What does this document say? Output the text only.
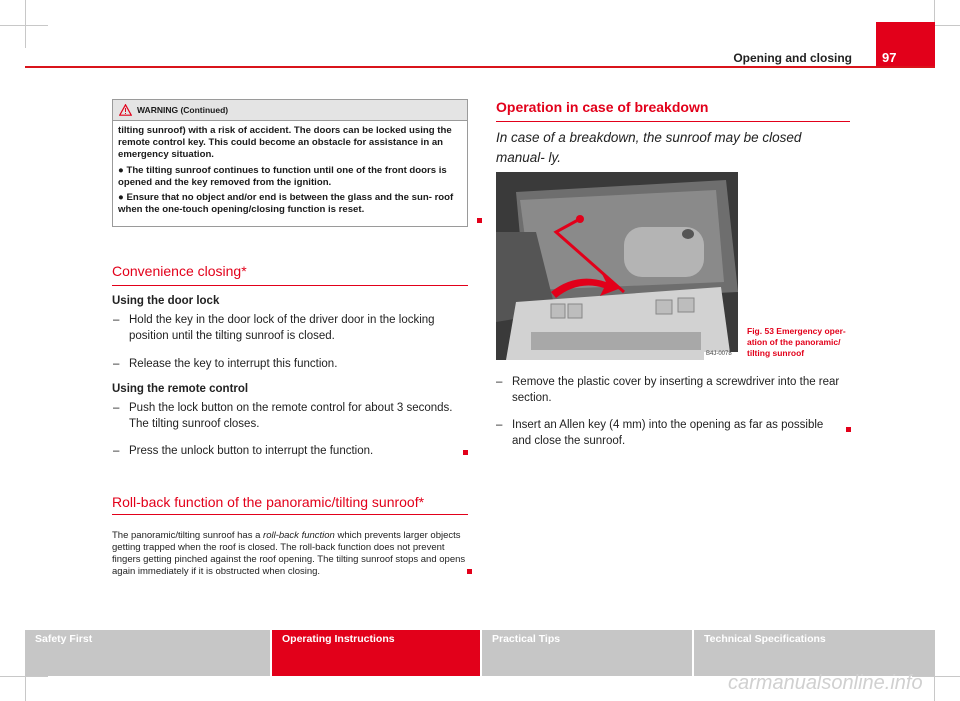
Opening and closing	97
WARNING (Continued)

tilting sunroof) with a risk of accident. The doors can be locked using the remote control key. This could become an obstacle for assistance in an emergency situation.

● The tilting sunroof continues to function until one of the front doors is opened and the key removed from the ignition.

● Ensure that no object and/or end is between the glass and the sun- roof when the one-touch opening/closing function is reset.

Convenience closing*
Using the door lock
– Hold the key in the door lock of the driver door in the locking position until the tilting sunroof is closed.
– Release the key to interrupt this function.
Using the remote control
– Push the lock button on the remote control for about 3 seconds. The tilting sunroof closes.
– Press the unlock button to interrupt the function.
Roll-back function of the panoramic/tilting sunroof*
The panoramic/tilting sunroof has a roll-back function which prevents larger objects getting trapped when the roof is closed. The roll-back function does not prevent fingers getting pinched against the roof opening. The tilting sunroof stops and opens again immediately if it is obstructed when closing.
Operation in case of breakdown
In case of a breakdown, the sunroof may be closed manual- ly.
B4J-0078
Fig. 53 Emergency oper- ation of the panoramic/ tilting sunroof
– Remove the plastic cover by inserting a screwdriver into the rear section.
– Insert an Allen key (4 mm) into the opening as far as possible and close the sunroof.
Safety First	Operating Instructions	Practical Tips	Technical Specifications
carmanualsonline.info
